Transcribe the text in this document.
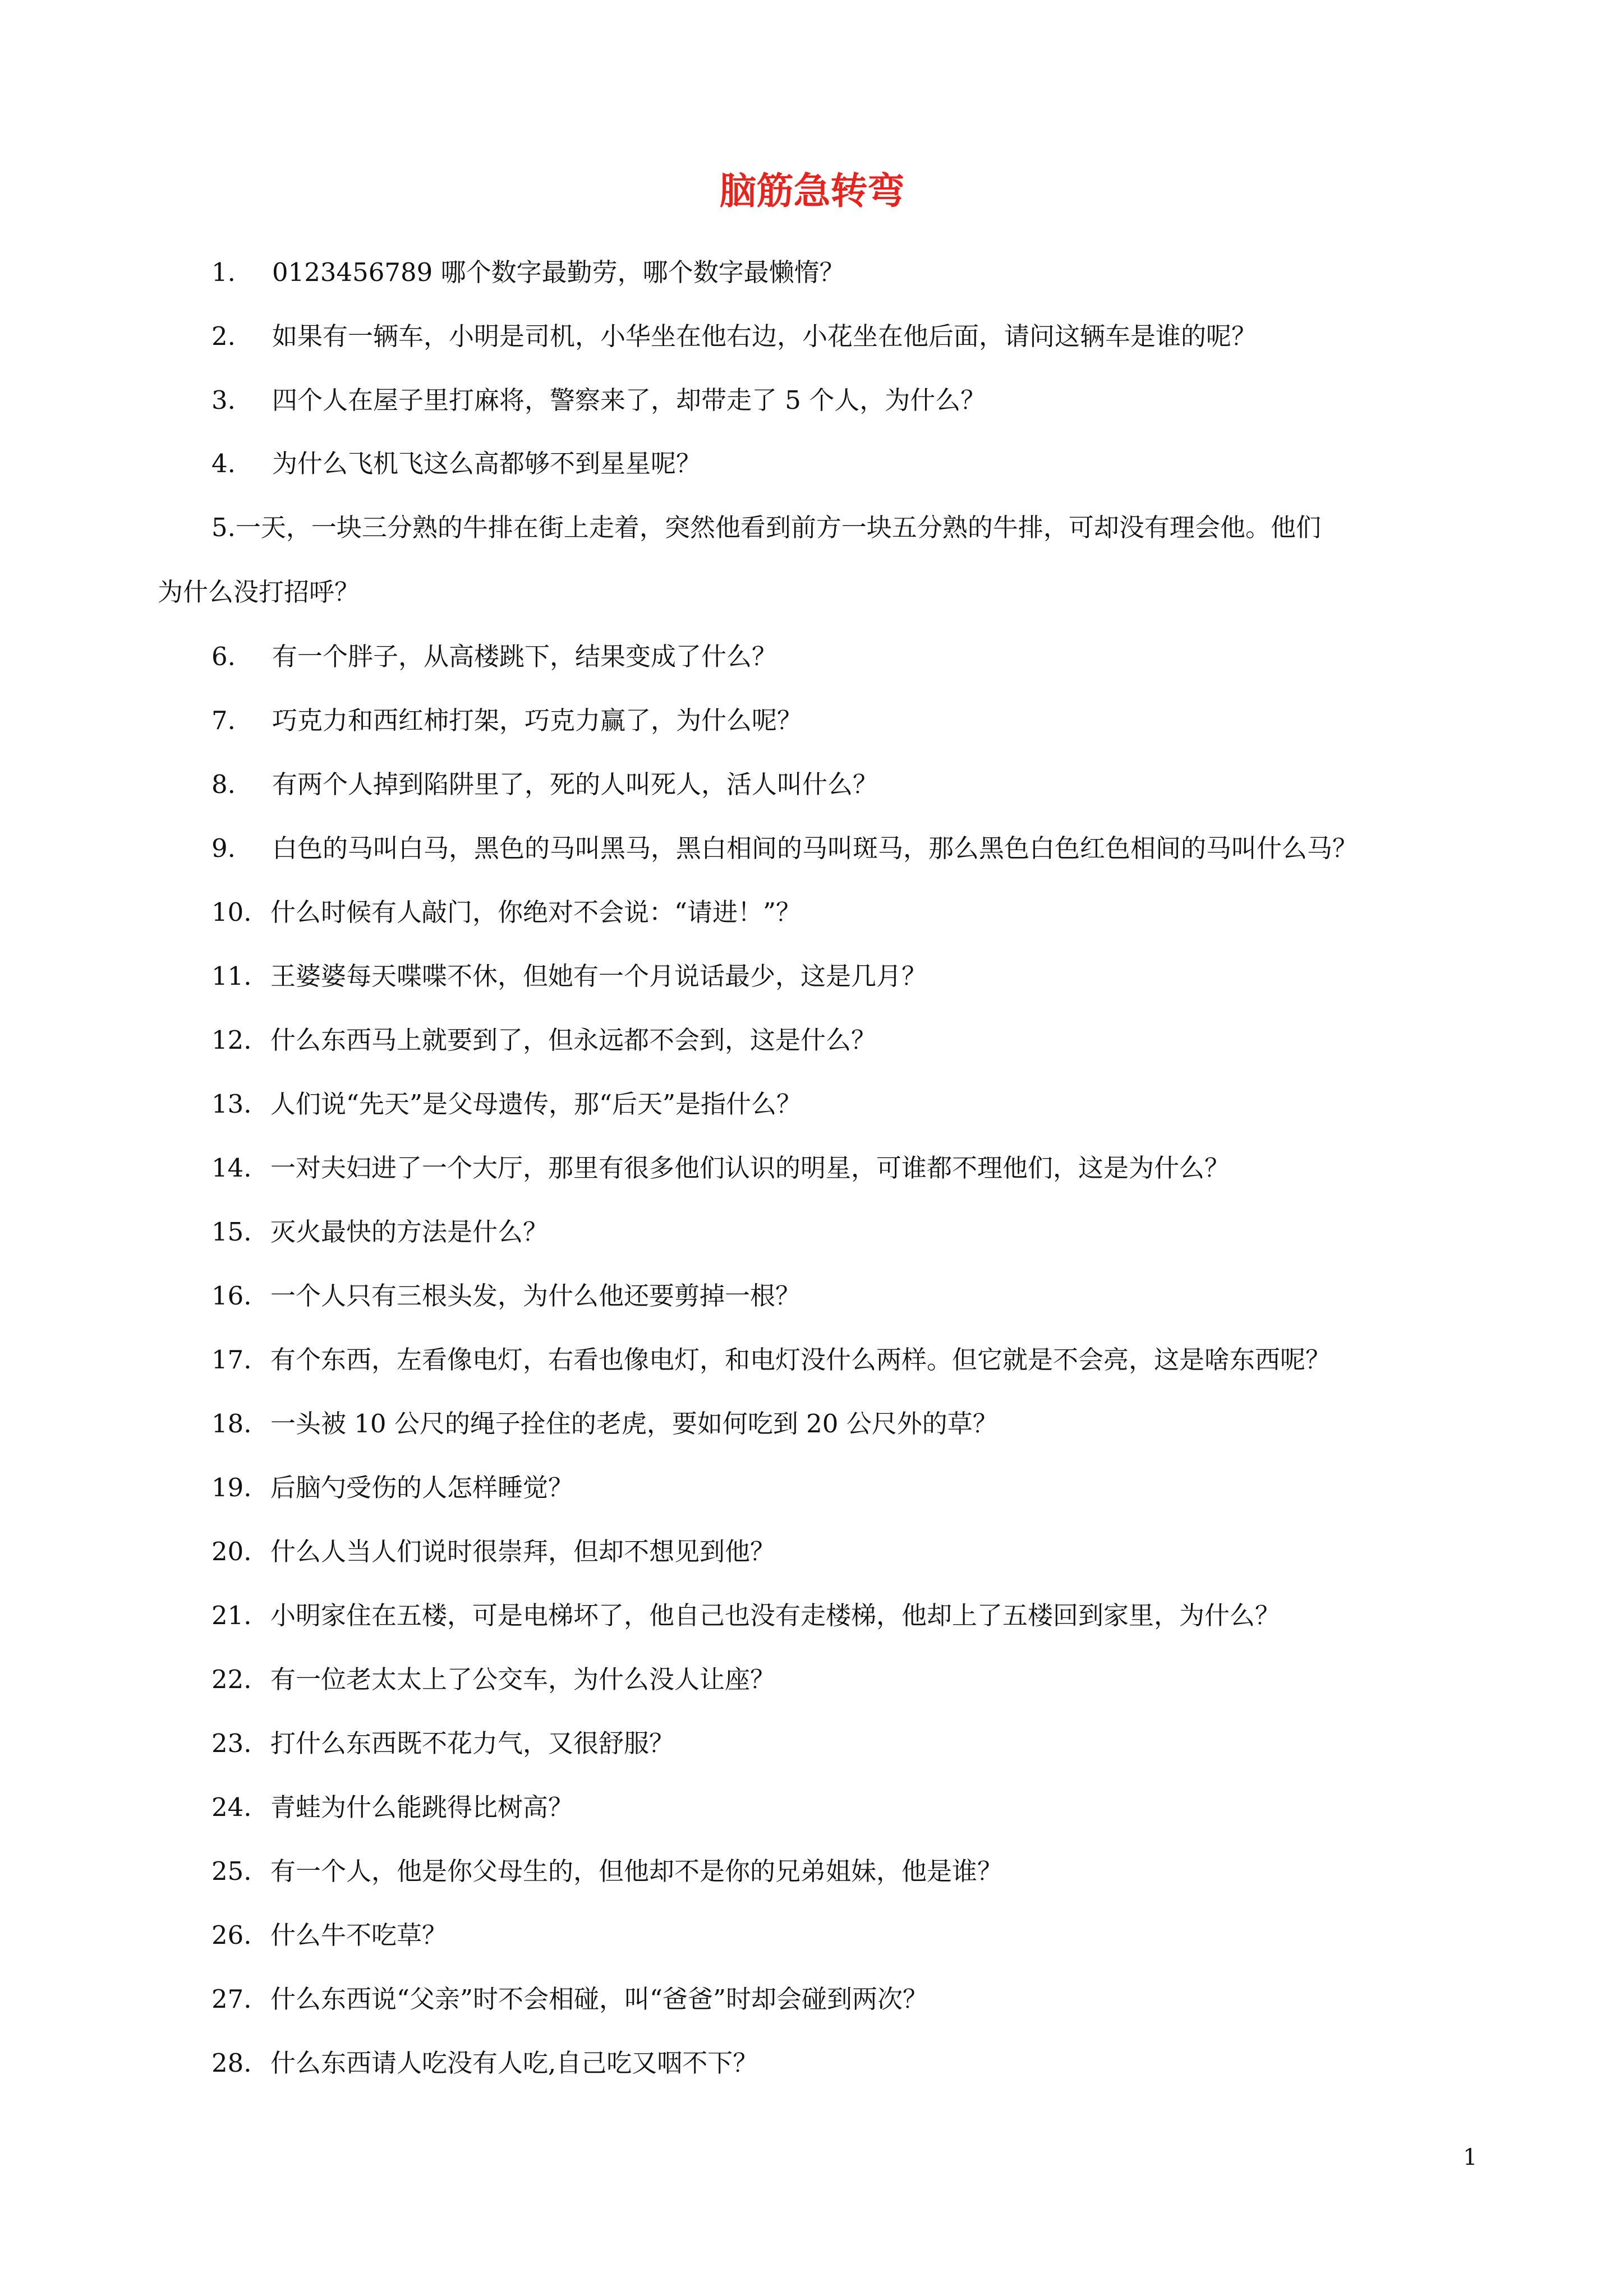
脑筋急转弯
1. 0123456789 哪个数字最勤劳，哪个数字最懒惰？
2. 如果有一辆车，小明是司机，小华坐在他右边，小花坐在他后面，请问这辆车是谁的呢？
3. 四个人在屋子里打麻将，警察来了，却带走了 5 个人，为什么？
4. 为什么飞机飞这么高都够不到星星呢？
5.一天，一块三分熟的牛排在街上走着，突然他看到前方一块五分熟的牛排，可却没有理会他。他们
为什么没打招呼？
6. 有一个胖子，从高楼跳下，结果变成了什么？
7. 巧克力和西红柿打架，巧克力赢了，为什么呢？
8. 有两个人掉到陷阱里了，死的人叫死人，活人叫什么？
9. 白色的马叫白马，黑色的马叫黑马，黑白相间的马叫斑马，那么黑色白色红色相间的马叫什么马？
10. 什么时候有人敲门，你绝对不会说：“请进！”？
11. 王婆婆每天喋喋不休，但她有一个月说话最少，这是几月？
12. 什么东西马上就要到了，但永远都不会到，这是什么？
13. 人们说“先天”是父母遗传，那“后天”是指什么？
14. 一对夫妇进了一个大厅，那里有很多他们认识的明星，可谁都不理他们，这是为什么？
15. 灭火最快的方法是什么？
16. 一个人只有三根头发，为什么他还要剪掉一根？
17. 有个东西，左看像电灯，右看也像电灯，和电灯没什么两样。但它就是不会亮，这是啥东西呢？
18. 一头被 10 公尺的绳子拴住的老虎，要如何吃到 20 公尺外的草？
19. 后脑勺受伤的人怎样睡觉？
20. 什么人当人们说时很崇拜，但却不想见到他？
21. 小明家住在五楼，可是电梯坏了，他自己也没有走楼梯，他却上了五楼回到家里，为什么？
22. 有一位老太太上了公交车，为什么没人让座？
23. 打什么东西既不花力气，又很舒服？
24. 青蛙为什么能跳得比树高？
25. 有一个人，他是你父母生的，但他却不是你的兄弟姐妹，他是谁？
26. 什么牛不吃草？
27. 什么东西说“父亲”时不会相碰，叫“爸爸”时却会碰到两次？
28. 什么东西请人吃没有人吃,自己吃又咽不下？
1
